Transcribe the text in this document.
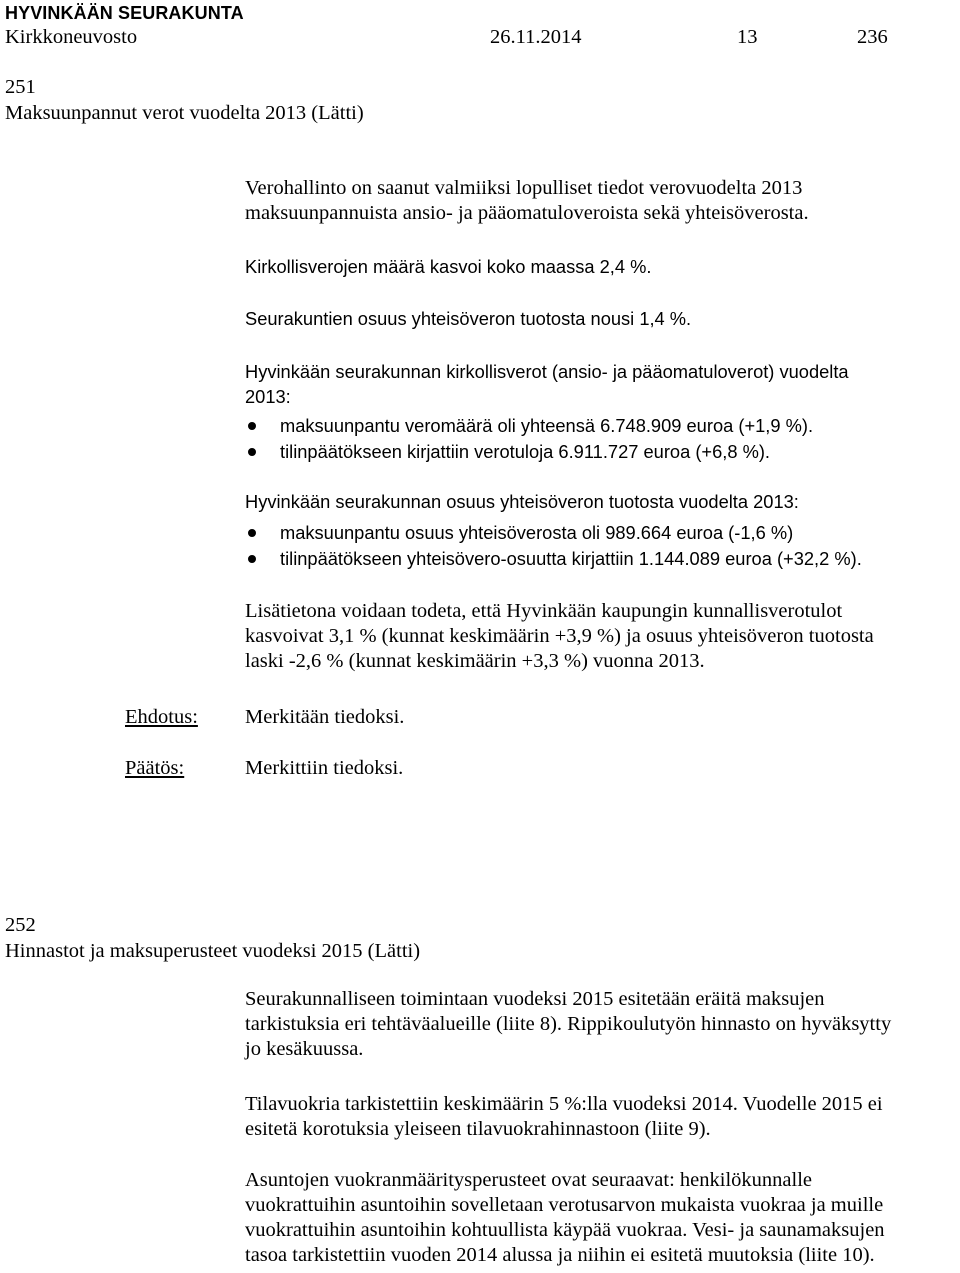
HYVINKÄÄN SEURAKUNTA
Kirkkoneuvosto	26.11.2014	13	236
251
Maksuunpannut verot vuodelta 2013 (Lätti)
Verohallinto on saanut valmiiksi lopulliset tiedot verovuodelta 2013
maksuunpannuista ansio- ja pääomatuloveroista sekä yhteisöverosta.
Kirkollisverojen määrä kasvoi koko maassa 2,4 %.
Seurakuntien osuus yhteisöveron tuotosta nousi 1,4 %.
Hyvinkään seurakunnan kirkollisverot (ansio- ja pääomatuloverot) vuodelta
2013:
maksuunpantu veromäärä oli yhteensä 6.748.909 euroa (+1,9 %).
tilinpäätökseen kirjattiin verotuloja 6.911.727 euroa (+6,8 %).
Hyvinkään seurakunnan osuus yhteisöveron tuotosta vuodelta 2013:
maksuunpantu osuus yhteisöverosta oli 989.664 euroa (-1,6 %)
tilinpäätökseen yhteisövero-osuutta kirjattiin 1.144.089 euroa (+32,2 %).
Lisätietona voidaan todeta, että Hyvinkään kaupungin kunnallisverotulot
kasvoivat 3,1 % (kunnat keskimäärin +3,9 %) ja osuus yhteisöveron tuotosta
laski -2,6 % (kunnat keskimäärin +3,3 %) vuonna 2013.
Ehdotus: Merkitään tiedoksi.
Päätös:	Merkittiin tiedoksi.
252
Hinnastot ja maksuperusteet vuodeksi 2015 (Lätti)
Seurakunnalliseen toimintaan vuodeksi 2015 esitetään eräitä maksujen
tarkistuksia eri tehtäväalueille (liite 8). Rippikoulutyön hinnasto on hyväksytty
jo kesäkuussa.
Tilavuokria tarkistettiin keskimäärin 5 %:lla vuodeksi 2014. Vuodelle 2015 ei
esitetä korotuksia yleiseen tilavuokrahinnastoon (liite 9).
Asuntojen vuokranmääritysperusteet ovat seuraavat: henkilökunnalle
vuokrattuihin asuntoihin sovelletaan verotusarvon mukaista vuokraa ja muille
vuokrattuihin asuntoihin kohtuullista käypää vuokraa. Vesi- ja saunamaksujen
tasoa tarkistettiin vuoden 2014 alussa ja niihin ei esitetä muutoksia (liite 10).
